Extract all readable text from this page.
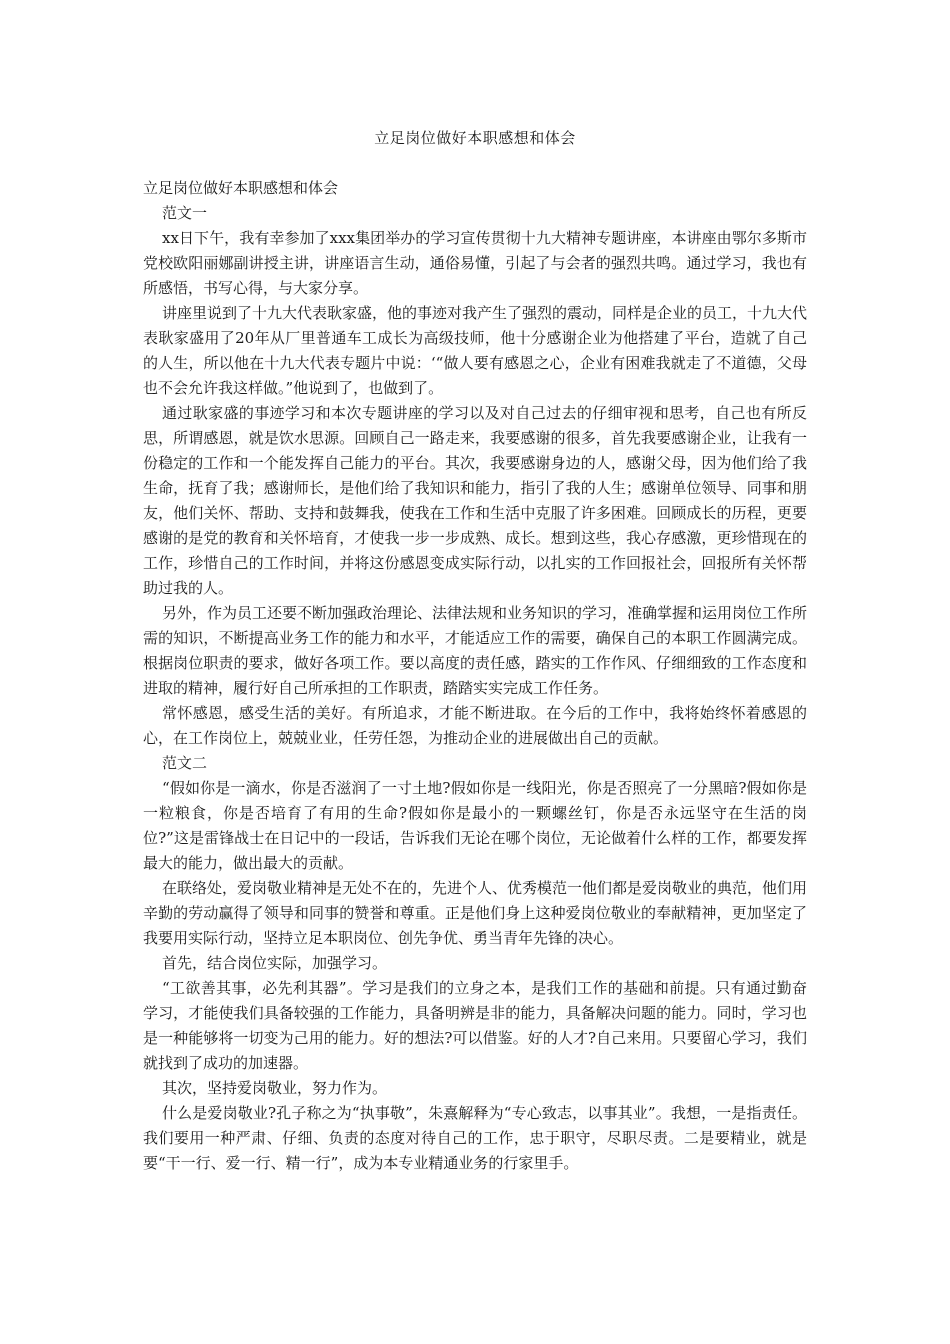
立足岗位做好本职感想和体会

立足岗位做好本职感想和体会

范文一

xx日下午，我有幸参加了xxx集团举办的学习宣传贯彻十九大精神专题讲座，本讲座由鄂尔多斯市党校欧阳丽娜副讲授主讲，讲座语言生动，通俗易懂，引起了与会者的强烈共鸣。通过学习，我也有所感悟，书写心得，与大家分享。

讲座里说到了十九大代表耿家盛，他的事迹对我产生了强烈的震动，同样是企业的员工，十九大代表耿家盛用了20年从厂里普通车工成长为高级技师，他十分感谢企业为他搭建了平台，造就了自己的人生，所以他在十九大代表专题片中说：‘“做人要有感恩之心，企业有困难我就走了不道德，父母也不会允许我这样做。”他说到了，也做到了。

通过耿家盛的事迹学习和本次专题讲座的学习以及对自己过去的仔细审视和思考，自己也有所反思，所谓感恩，就是饮水思源。回顾自己一路走来，我要感谢的很多，首先我要感谢企业，让我有一份稳定的工作和一个能发挥自己能力的平台。其次，我要感谢身边的人，感谢父母，因为他们给了我生命，抚育了我；感谢师长，是他们给了我知识和能力，指引了我的人生；感谢单位领导、同事和朋友，他们关怀、帮助、支持和鼓舞我，使我在工作和生活中克服了许多困难。回顾成长的历程，更要感谢的是党的教育和关怀培育，才使我一步一步成熟、成长。想到这些，我心存感激，更珍惜现在的工作，珍惜自己的工作时间，并将这份感恩变成实际行动，以扎实的工作回报社会，回报所有关怀帮助过我的人。

另外，作为员工还要不断加强政治理论、法律法规和业务知识的学习，准确掌握和运用岗位工作所需的知识，不断提高业务工作的能力和水平，才能适应工作的需要，确保自己的本职工作圆满完成。根据岗位职责的要求，做好各项工作。要以高度的责任感，踏实的工作作风、仔细细致的工作态度和进取的精神，履行好自己所承担的工作职责，踏踏实实完成工作任务。

常怀感恩，感受生活的美好。有所追求，才能不断进取。在今后的工作中，我将始终怀着感恩的心，在工作岗位上，兢兢业业，任劳任怨，为推动企业的进展做出自己的贡献。

范文二

“假如你是一滴水，你是否滋润了一寸土地?假如你是一线阳光，你是否照亮了一分黑暗?假如你是一粒粮食，你是否培育了有用的生命?假如你是最小的一颗螺丝钉，你是否永远坚守在生活的岗位?”这是雷锋战士在日记中的一段话，告诉我们无论在哪个岗位，无论做着什么样的工作，都要发挥最大的能力，做出最大的贡献。

在联络处，爱岗敬业精神是无处不在的，先进个人、优秀模范一他们都是爱岗敬业的典范，他们用辛勤的劳动赢得了领导和同事的赞誉和尊重。正是他们身上这种爱岗位敬业的奉献精神，更加坚定了我要用实际行动，坚持立足本职岗位、创先争优、勇当青年先锋的决心。

首先，结合岗位实际，加强学习。

“工欲善其事，必先利其器”。学习是我们的立身之本，是我们工作的基础和前提。只有通过勤奋学习，才能使我们具备较强的工作能力，具备明辨是非的能力，具备解决问题的能力。同时，学习也是一种能够将一切变为己用的能力。好的想法?可以借鉴。好的人才?自己来用。只要留心学习，我们就找到了成功的加速器。

其次，坚持爱岗敬业，努力作为。

什么是爱岗敬业?孔子称之为“执事敬”，朱熹解释为“专心致志，以事其业”。我想，一是指责任。我们要用一种严肃、仔细、负责的态度对待自己的工作，忠于职守，尽职尽责。二是要精业，就是要“干一行、爱一行、精一行”，成为本专业精通业务的行家里手。
